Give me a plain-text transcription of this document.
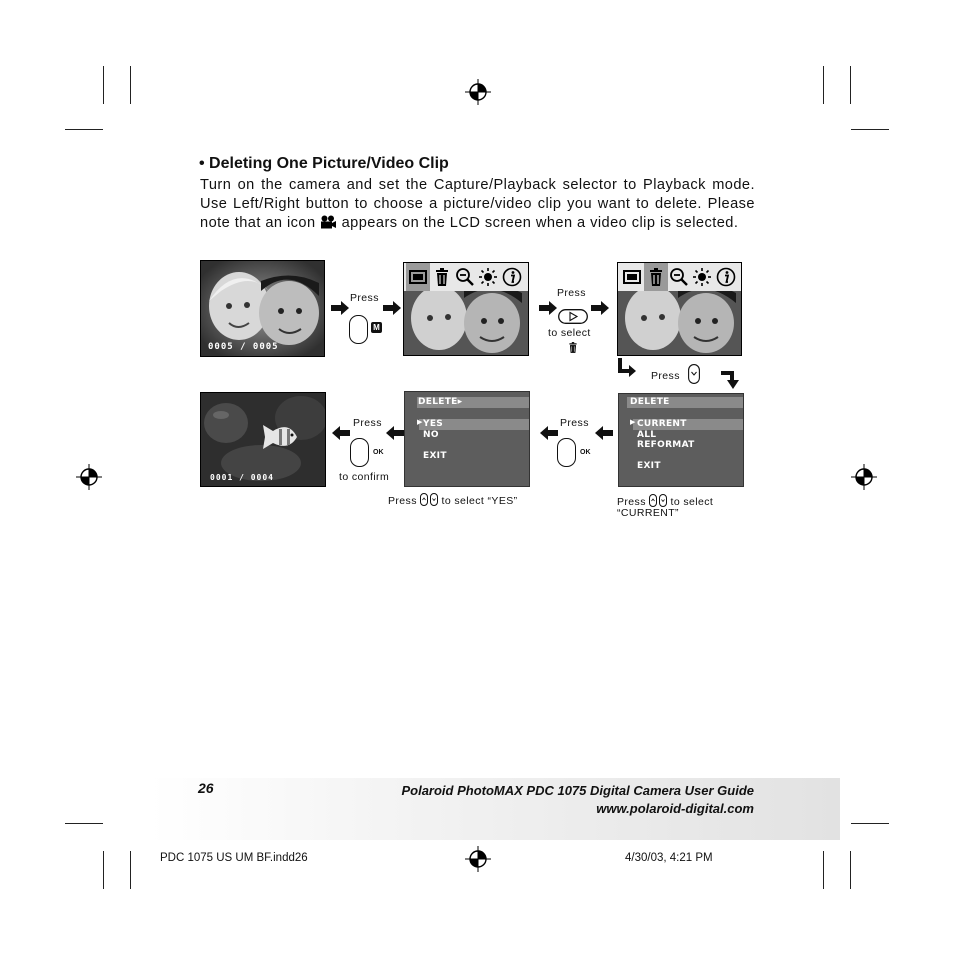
• Deleting One Picture/Video Clip
Turn on the camera and set the Capture/Playback selector to Playback mode. Use Left/Right button to choose a picture/video clip you want to delete. Please note that an icon appears on the LCD screen when a video clip is selected.
0005 / 0005
Press
M
Press
to select
Press
DELETE
▶ CURRENT
ALL
REFORMAT
EXIT
Press to select
“CURRENT”
Press
OK
DELETE▸
▶ YES
NO
EXIT
Press to select “YES”
Press
OK
to confirm
0001 / 0004
26	Polaroid PhotoMAX PDC 1075 Digital Camera User Guide
www.polaroid-digital.com
PDC 1075 US UM BF.indd26	4/30/03, 4:21 PM
